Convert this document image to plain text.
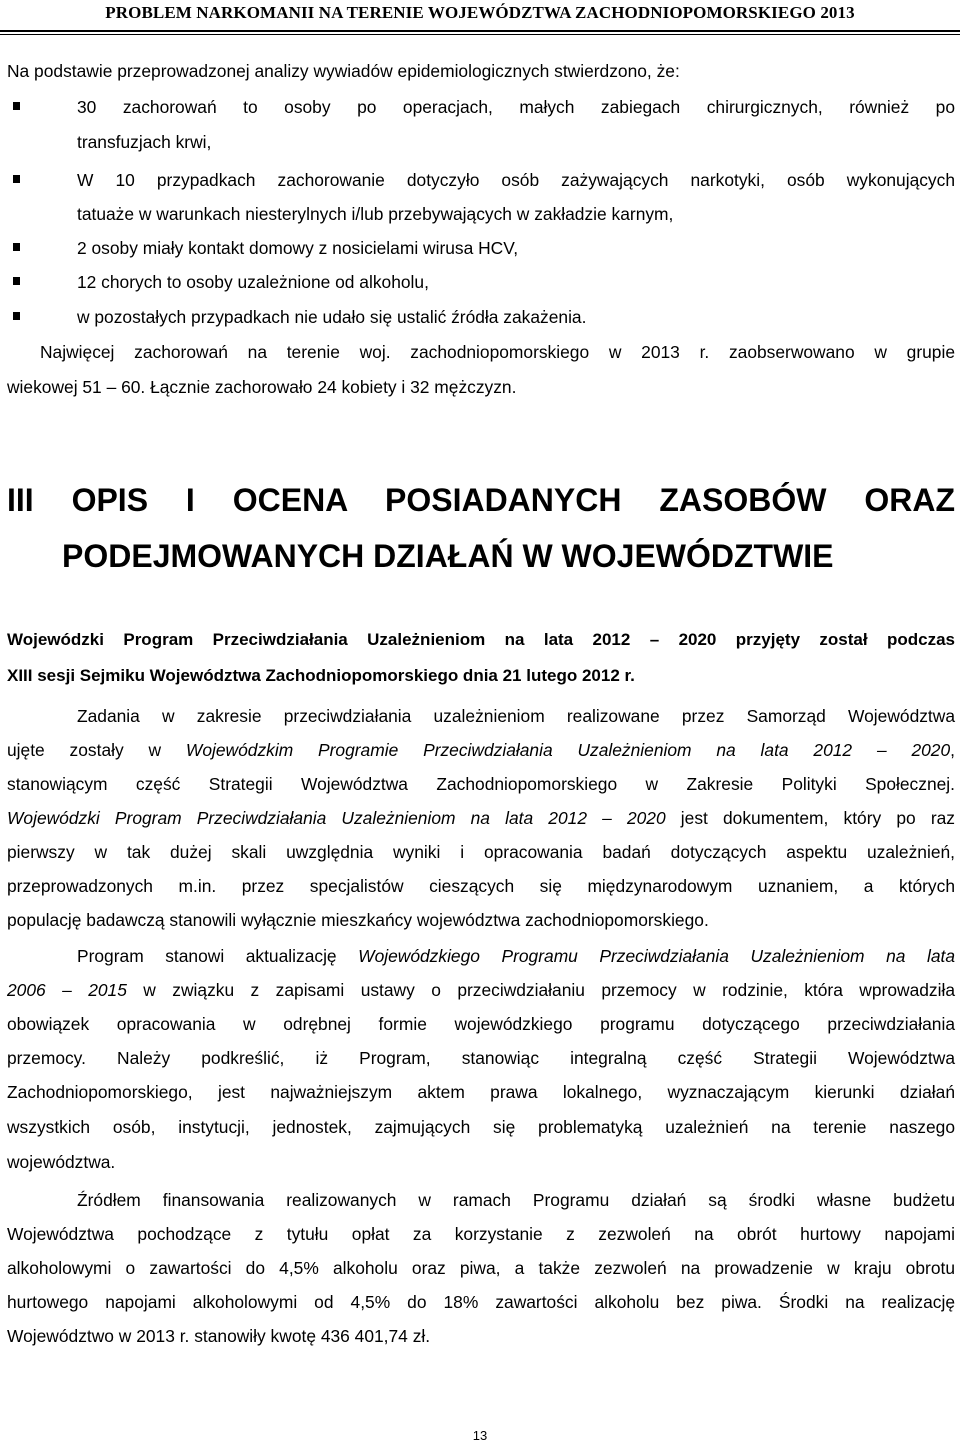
PROBLEM NARKOMANII NA TERENIE WOJEWÓDZTWA ZACHODNIOPOMORSKIEGO 2013
Na podstawie przeprowadzonej analizy wywiadów epidemiologicznych stwierdzono, że:
30 zachorowań to osoby po operacjach, małych zabiegach chirurgicznych, również po
transfuzjach krwi,
W 10 przypadkach zachorowanie dotyczyło osób zażywających narkotyki, osób wykonujących
tatuaże w warunkach niesterylnych i/lub przebywających w zakładzie karnym,
2 osoby miały kontakt domowy z nosicielami wirusa HCV,
12 chorych to osoby uzależnione od alkoholu,
w pozostałych przypadkach nie udało się ustalić źródła zakażenia.
Najwięcej zachorowań na terenie woj. zachodniopomorskiego w 2013 r. zaobserwowano w grupie
wiekowej 51 – 60. Łącznie zachorowało 24 kobiety i 32 mężczyzn.
III OPIS I OCENA POSIADANYCH ZASOBÓW ORAZ
PODEJMOWANYCH DZIAŁAŃ W WOJEWÓDZTWIE
Wojewódzki Program Przeciwdziałania Uzależnieniom na lata 2012 – 2020 przyjęty został podczas
XIII sesji Sejmiku Województwa Zachodniopomorskiego dnia 21 lutego 2012 r.
Zadania w zakresie przeciwdziałania uzależnieniom realizowane przez Samorząd Województwa
ujęte zostały w Wojewódzkim Programie Przeciwdziałania Uzależnieniom na lata 2012 – 2020,
stanowiącym część Strategii Województwa Zachodniopomorskiego w Zakresie Polityki Społecznej.
Wojewódzki Program Przeciwdziałania Uzależnieniom na lata 2012 – 2020 jest dokumentem, który po raz
pierwszy w tak dużej skali uwzględnia wyniki i opracowania badań dotyczących aspektu uzależnień,
przeprowadzonych m.in. przez specjalistów cieszących się międzynarodowym uznaniem, a których
populację badawczą stanowili wyłącznie mieszkańcy województwa zachodniopomorskiego.
Program stanowi aktualizację Wojewódzkiego Programu Przeciwdziałania Uzależnieniom na lata
2006 – 2015 w związku z zapisami ustawy o przeciwdziałaniu przemocy w rodzinie, która wprowadziła
obowiązek opracowania w odrębnej formie wojewódzkiego programu dotyczącego przeciwdziałania
przemocy. Należy podkreślić, iż Program, stanowiąc integralną część Strategii Województwa
Zachodniopomorskiego, jest najważniejszym aktem prawa lokalnego, wyznaczającym kierunki działań
wszystkich osób, instytucji, jednostek, zajmujących się problematyką uzależnień na terenie naszego
województwa.
Źródłem finansowania realizowanych w ramach Programu działań są środki własne budżetu
Województwa pochodzące z tytułu opłat za korzystanie z zezwoleń na obrót hurtowy napojami
alkoholowymi o zawartości do 4,5% alkoholu oraz piwa, a także zezwoleń na prowadzenie w kraju obrotu
hurtowego napojami alkoholowymi od 4,5% do 18% zawartości alkoholu bez piwa. Środki na realizację
Województwo w 2013 r. stanowiły kwotę 436 401,74 zł.
13
